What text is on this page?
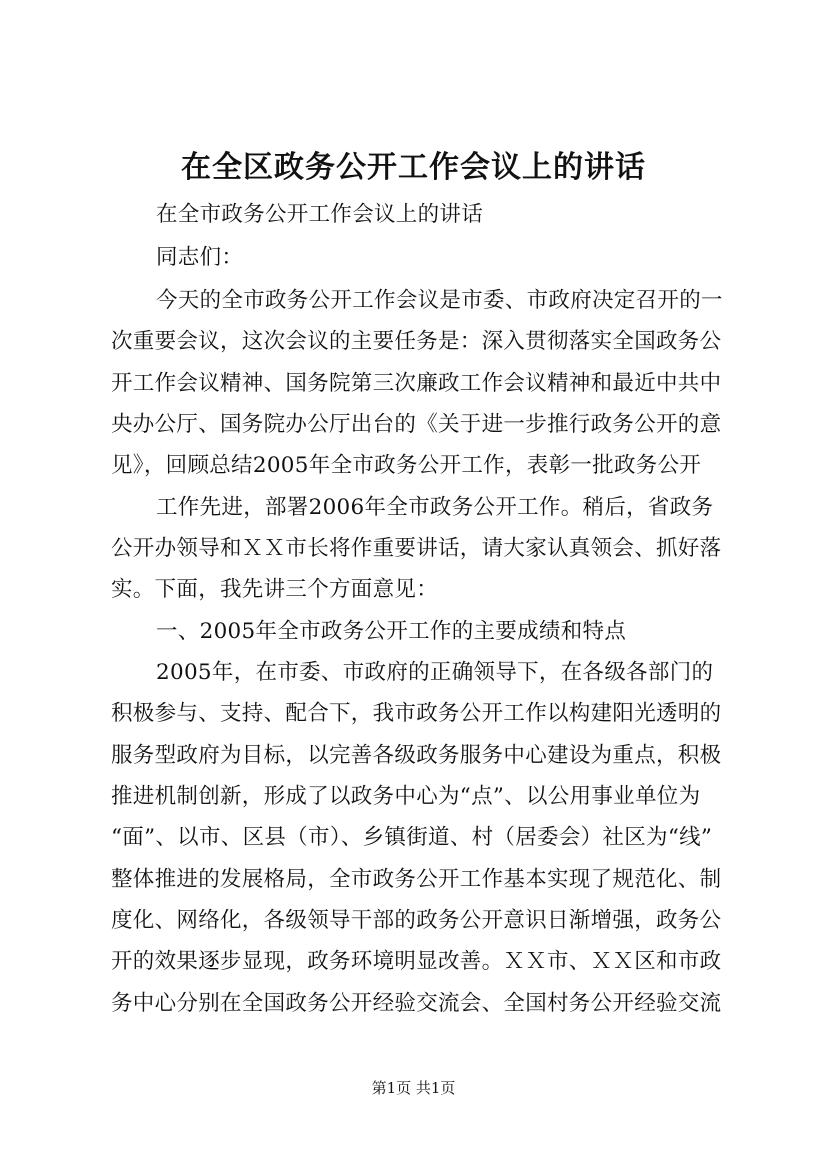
在全区政务公开工作会议上的讲话
在全市政务公开工作会议上的讲话
同志们：
今天的全市政务公开工作会议是市委、市政府决定召开的一
次重要会议，这次会议的主要任务是：深入贯彻落实全国政务公
开工作会议精神、国务院第三次廉政工作会议精神和最近中共中
央办公厅、国务院办公厅出台的《关于进一步推行政务公开的意
见》，回顾总结2005年全市政务公开工作，表彰一批政务公开
工作先进，部署2006年全市政务公开工作。稍后，省政务
公开办领导和ＸＸ市长将作重要讲话，请大家认真领会、抓好落
实。下面，我先讲三个方面意见：
一、2005年全市政务公开工作的主要成绩和特点
2005年，在市委、市政府的正确领导下，在各级各部门的
积极参与、支持、配合下，我市政务公开工作以构建阳光透明的
服务型政府为目标，以完善各级政务服务中心建设为重点，积极
推进机制创新，形成了以政务中心为“点”、以公用事业单位为
“面”、以市、区县（市）、乡镇街道、村（居委会）社区为“线”
整体推进的发展格局，全市政务公开工作基本实现了规范化、制
度化、网络化，各级领导干部的政务公开意识日渐增强，政务公
开的效果逐步显现，政务环境明显改善。ＸＸ市、ＸＸ区和市政
务中心分别在全国政务公开经验交流会、全国村务公开经验交流
第1页 共1页
